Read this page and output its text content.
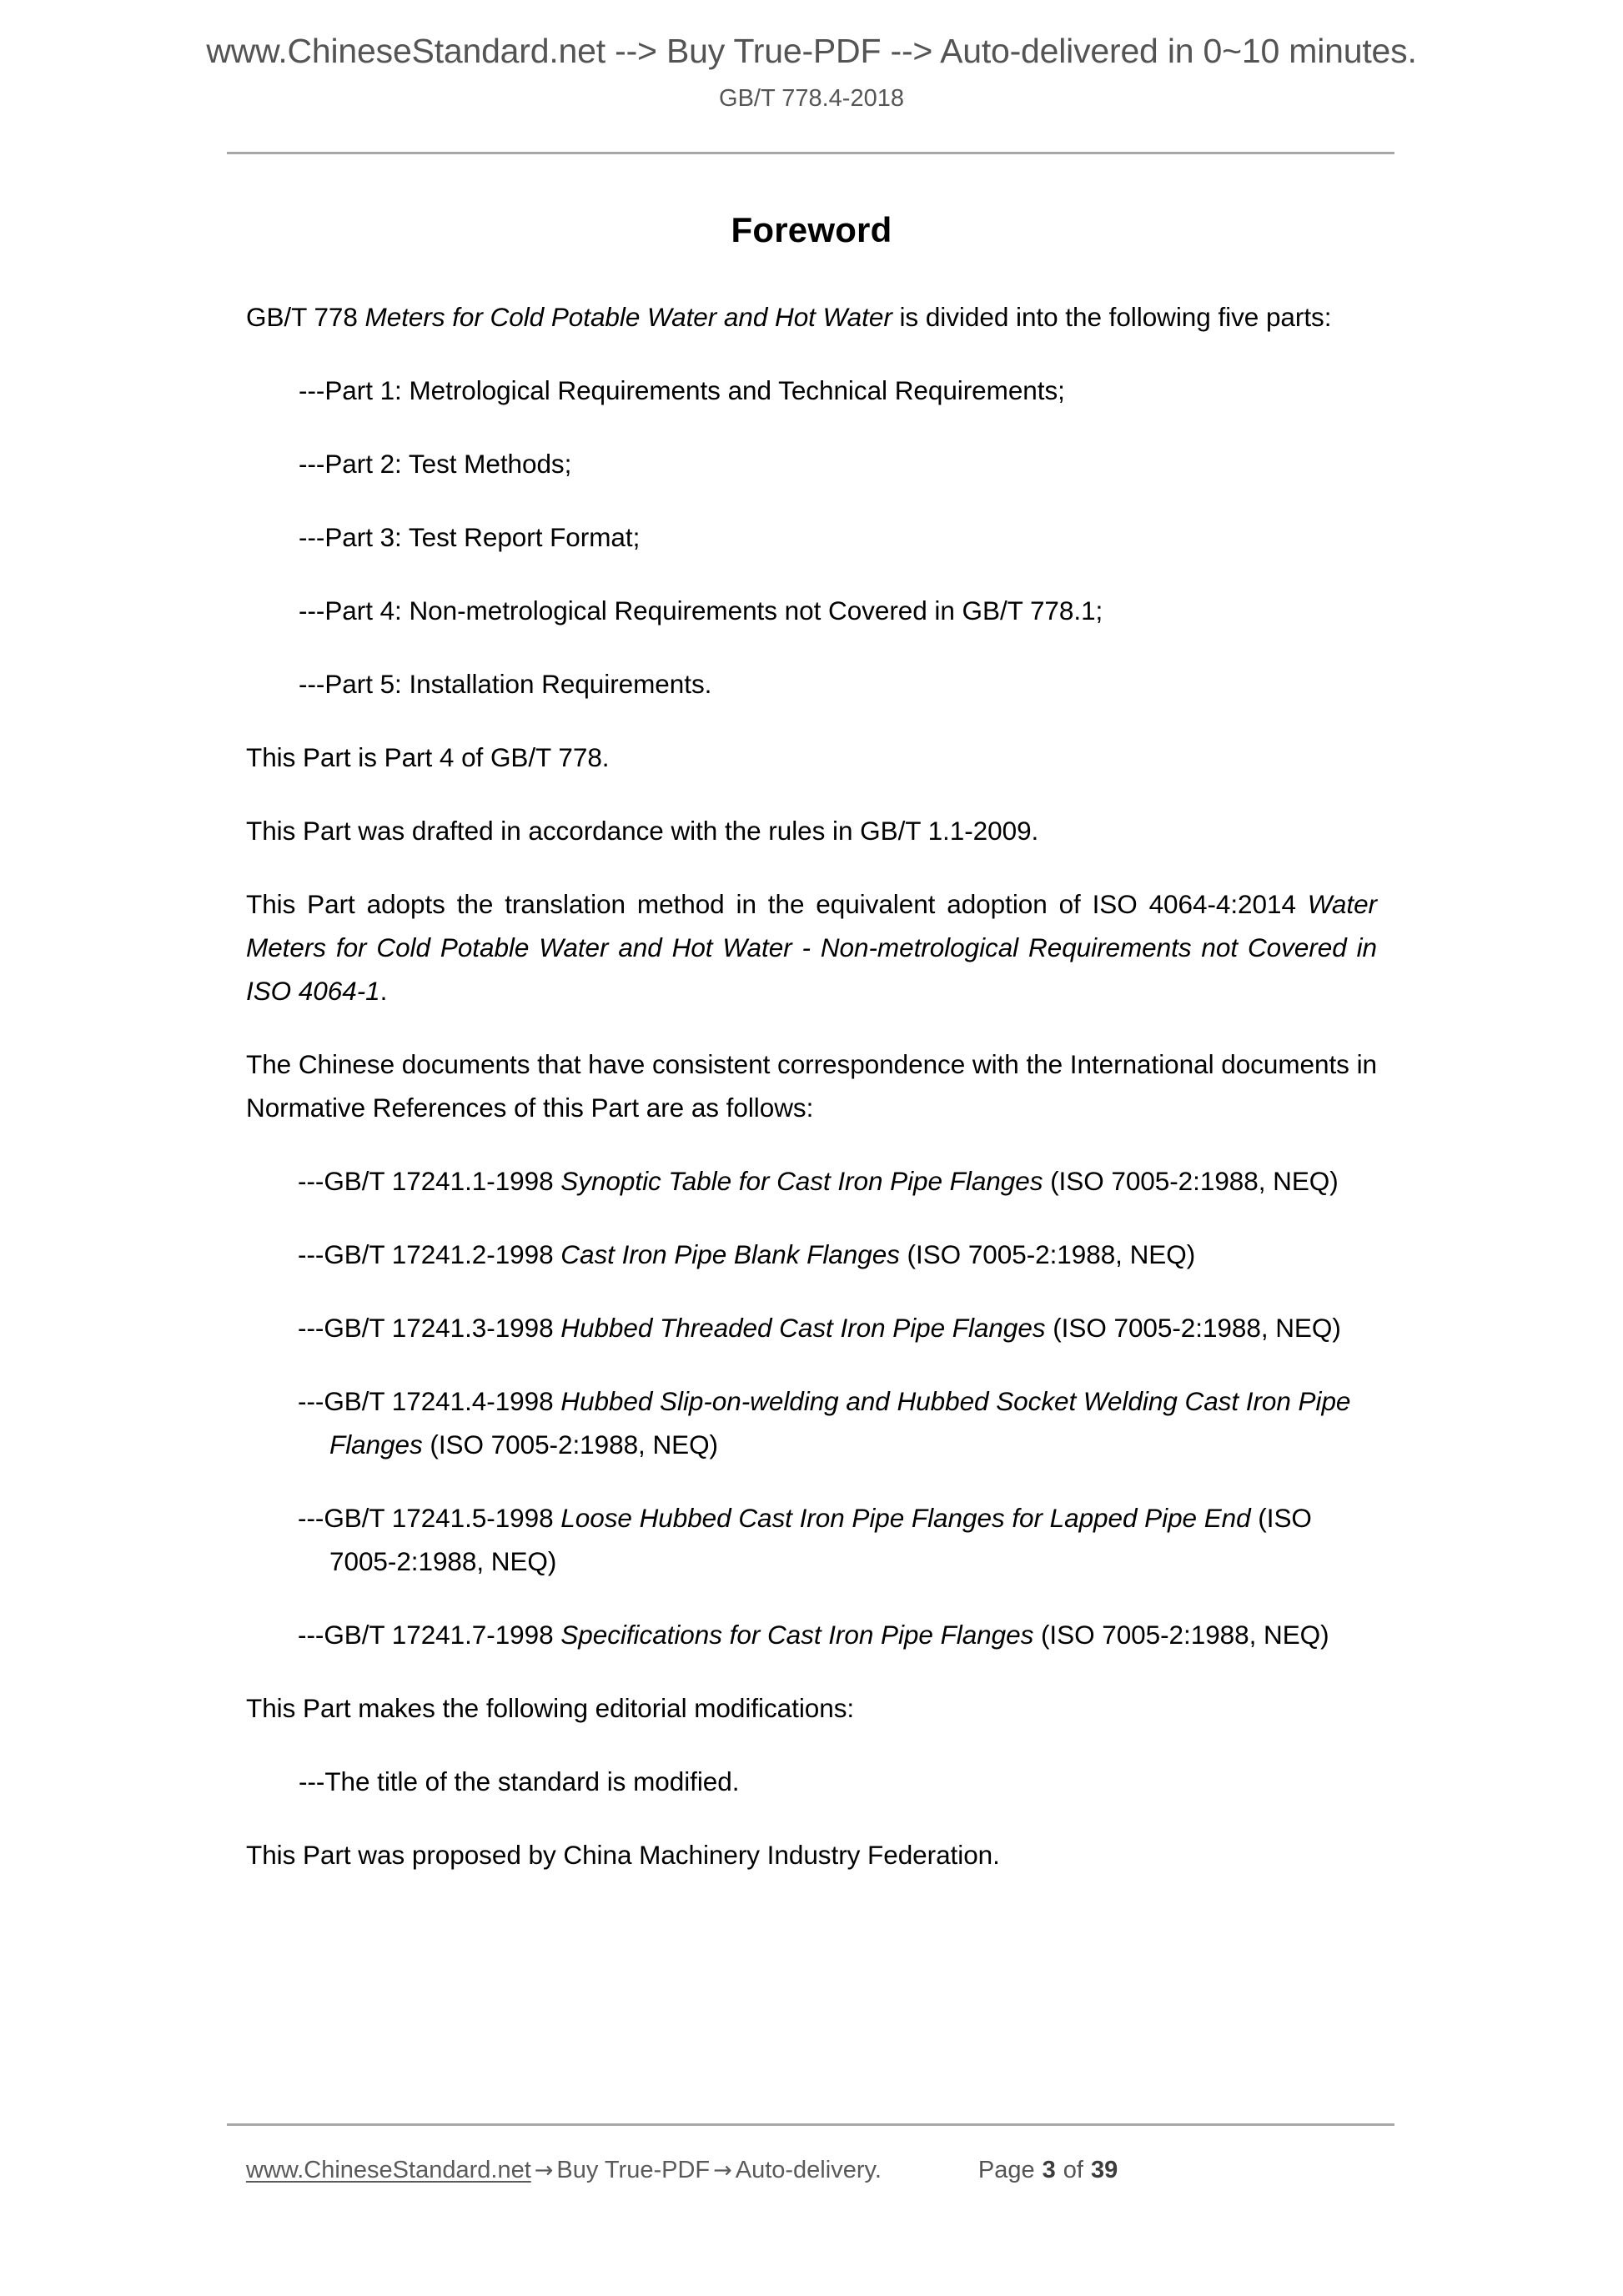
www.ChineseStandard.net --> Buy True-PDF --> Auto-delivered in 0~10 minutes.
GB/T 778.4-2018
Foreword

GB/T 778 Meters for Cold Potable Water and Hot Water is divided into the following five parts:

---Part 1: Metrological Requirements and Technical Requirements;

---Part 2: Test Methods;

---Part 3: Test Report Format;

---Part 4: Non-metrological Requirements not Covered in GB/T 778.1;

---Part 5: Installation Requirements.

This Part is Part 4 of GB/T 778.

This Part was drafted in accordance with the rules in GB/T 1.1-2009.

This Part adopts the translation method in the equivalent adoption of ISO 4064-4:2014 Water Meters for Cold Potable Water and Hot Water - Non-metrological Requirements not Covered in ISO 4064-1.

The Chinese documents that have consistent correspondence with the International documents in Normative References of this Part are as follows:

---GB/T 17241.1-1998 Synoptic Table for Cast Iron Pipe Flanges (ISO 7005-2:1988, NEQ)

---GB/T 17241.2-1998 Cast Iron Pipe Blank Flanges (ISO 7005-2:1988, NEQ)

---GB/T 17241.3-1998 Hubbed Threaded Cast Iron Pipe Flanges (ISO 7005-2:1988, NEQ)

---GB/T 17241.4-1998 Hubbed Slip-on-welding and Hubbed Socket Welding Cast Iron Pipe Flanges (ISO 7005-2:1988, NEQ)

---GB/T 17241.5-1998 Loose Hubbed Cast Iron Pipe Flanges for Lapped Pipe End (ISO 7005-2:1988, NEQ)

---GB/T 17241.7-1998 Specifications for Cast Iron Pipe Flanges (ISO 7005-2:1988, NEQ)

This Part makes the following editorial modifications:

---The title of the standard is modified.

This Part was proposed by China Machinery Industry Federation.

www.ChineseStandard.net → Buy True-PDF → Auto-delivery.	Page 3 of 39
